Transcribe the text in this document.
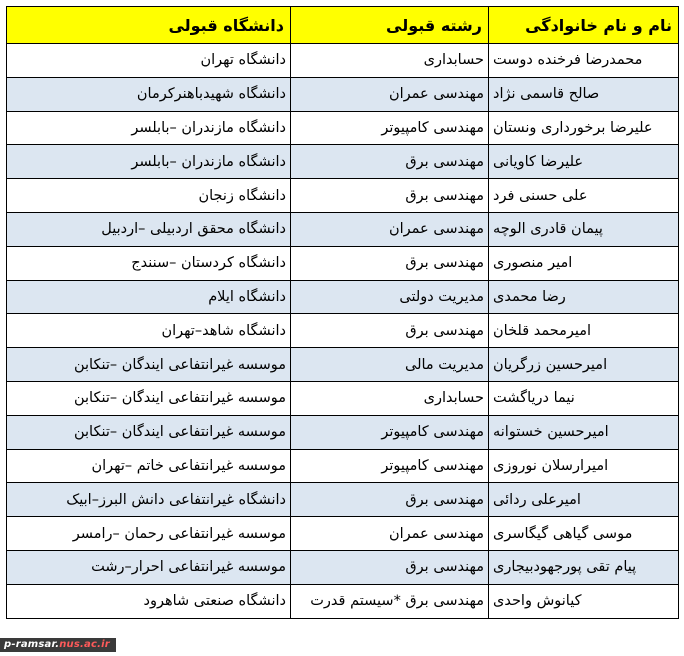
نام و نام خانوادگی	رشته قبولی	دانشگاه قبولی
محمدرضا فرخنده دوست	حسابداری	دانشگاه تهران
صالح قاسمی نژاد	مهندسی عمران	دانشگاه شهیدباهنرکرمان
علیرضا برخورداری ونستان	مهندسی کامپیوتر	دانشگاه مازندران –بابلسر
علیرضا کاویانی	مهندسی برق	دانشگاه مازندران –بابلسر
علی حسنی فرد	مهندسی برق	دانشگاه زنجان
پیمان قادری الوچه	مهندسی عمران	دانشگاه محقق اردبیلی –اردبیل
امیر منصوری	مهندسی برق	دانشگاه کردستان –سنندج
رضا محمدی	مدیریت دولتی	دانشگاه ایلام
امیرمحمد قلخان	مهندسی برق	دانشگاه شاهد–تهران
امیرحسین زرگریان	مدیریت مالی	موسسه غیرانتفاعی ایندگان –تنکابن
نیما دریاگشت	حسابداری	موسسه غیرانتفاعی ایندگان –تنکابن
امیرحسین خستوانه	مهندسی کامپیوتر	موسسه غیرانتفاعی ایندگان –تنکابن
امیرارسلان نوروزی	مهندسی کامپیوتر	موسسه غیرانتفاعی خاتم –تهران
امیرعلی ردائی	مهندسی برق	دانشگاه غیرانتفاعی دانش البرز–ابیک
موسی گیاهی گیگاسری	مهندسی عمران	موسسه غیرانتفاعی رحمان –رامسر
پیام تقی پورجهودبیجاری	مهندسی برق	موسسه غیرانتفاعی احرار–رشت
کیانوش واحدی	مهندسی برق *سیستم قدرت	دانشگاه صنعتی شاهرود
p-ramsar.nus.ac.ir
